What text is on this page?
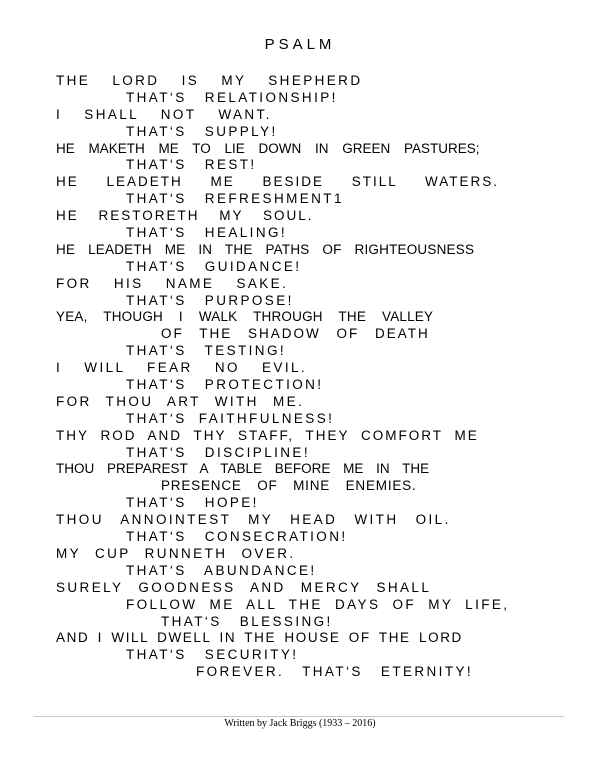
PSALM
THE LORD IS MY SHEPHERD
THAT‘S RELATIONSHIP!
I SHALL NOT WANT.
THAT‘S SUPPLY!
HE MAKETH ME TO LIE DOWN IN GREEN PASTURES;
THAT‘S REST!
HE LEADETH ME BESIDE STILL WATERS.
THAT‘S REFRESHMENT1
HE RESTORETH MY SOUL.
THAT‘S HEALING!
HE LEADETH ME IN THE PATHS OF RIGHTEOUSNESS
THAT‘S GUIDANCE!
FOR HIS NAME SAKE.
THAT‘S PURPOSE!
YEA, THOUGH I WALK THROUGH THE VALLEY
OF THE SHADOW OF DEATH
THAT‘S TESTING!
I WILL FEAR NO EVIL.
THAT‘S PROTECTION!
FOR THOU ART WITH ME.
THAT‘S FAITHFULNESS!
THY ROD AND THY STAFF, THEY COMFORT ME
THAT‘S DISCIPLINE!
THOU PREPAREST A TABLE BEFORE ME IN THE
PRESENCE OF MINE ENEMIES.
THAT‘S HOPE!
THOU ANNOINTEST MY HEAD WITH OIL.
THAT‘S CONSECRATION!
MY CUP RUNNETH OVER.
THAT‘S ABUNDANCE!
SURELY GOODNESS AND MERCY SHALL
FOLLOW ME ALL THE DAYS OF MY LIFE,
THAT‘S BLESSING!
AND I WILL DWELL IN THE HOUSE OF THE LORD
THAT‘S SECURITY!
FOREVER. THAT‘S ETERNITY!
Written by Jack Briggs (1933 – 2016)
